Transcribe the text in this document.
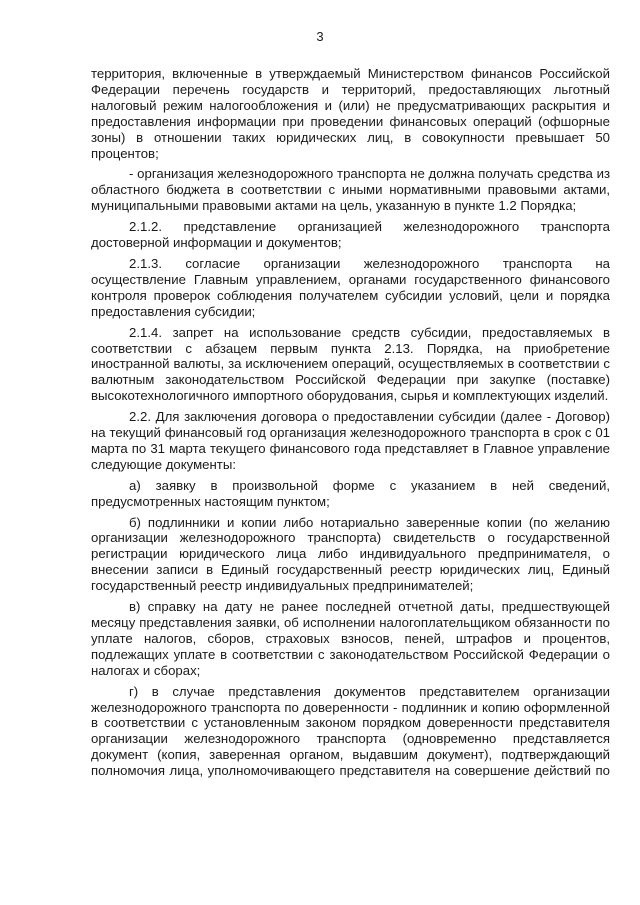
3

территория, включенные в утверждаемый Министерством финансов Российской Федерации перечень государств и территорий, предоставляющих льготный налоговый режим налогообложения и (или) не предусматривающих раскрытия и предоставления информации при проведении финансовых операций (офшорные зоны) в отношении таких юридических лиц, в совокупности превышает 50 процентов;

- организация железнодорожного транспорта не должна получать средства из областного бюджета в соответствии с иными нормативными правовыми актами, муниципальными правовыми актами на цель, указанную в пункте 1.2 Порядка;

2.1.2. представление организацией железнодорожного транспорта достоверной информации и документов;

2.1.3. согласие организации железнодорожного транспорта на осуществление Главным управлением, органами государственного финансового контроля проверок соблюдения получателем субсидии условий, цели и порядка предоставления субсидии;

2.1.4. запрет на использование средств субсидии, предоставляемых в соответствии с абзацем первым пункта 2.13. Порядка, на приобретение иностранной валюты, за исключением операций, осуществляемых в соответствии с валютным законодательством Российской Федерации при закупке (поставке) высокотехнологичного импортного оборудования, сырья и комплектующих изделий.

2.2. Для заключения договора о предоставлении субсидии (далее - Договор) на текущий финансовый год организация железнодорожного транспорта в срок с 01 марта по 31 марта текущего финансового года представляет в Главное управление следующие документы:

а) заявку в произвольной форме с указанием в ней сведений, предусмотренных настоящим пунктом;

б) подлинники и копии либо нотариально заверенные копии (по желанию организации железнодорожного транспорта) свидетельств о государственной регистрации юридического лица либо индивидуального предпринимателя, о внесении записи в Единый государственный реестр юридических лиц, Единый государственный реестр индивидуальных предпринимателей;

в) справку на дату не ранее последней отчетной даты, предшествующей месяцу представления заявки, об исполнении налогоплательщиком обязанности по уплате налогов, сборов, страховых взносов, пеней, штрафов и процентов, подлежащих уплате в соответствии с законодательством Российской Федерации о налогах и сборах;

г) в случае представления документов представителем организации железнодорожного транспорта по доверенности - подлинник и копию оформленной в соответствии с установленным законом порядком доверенности представителя организации железнодорожного транспорта (одновременно представляется документ (копия, заверенная органом, выдавшим документ), подтверждающий полномочия лица, уполномочивающего представителя на совершение действий по
